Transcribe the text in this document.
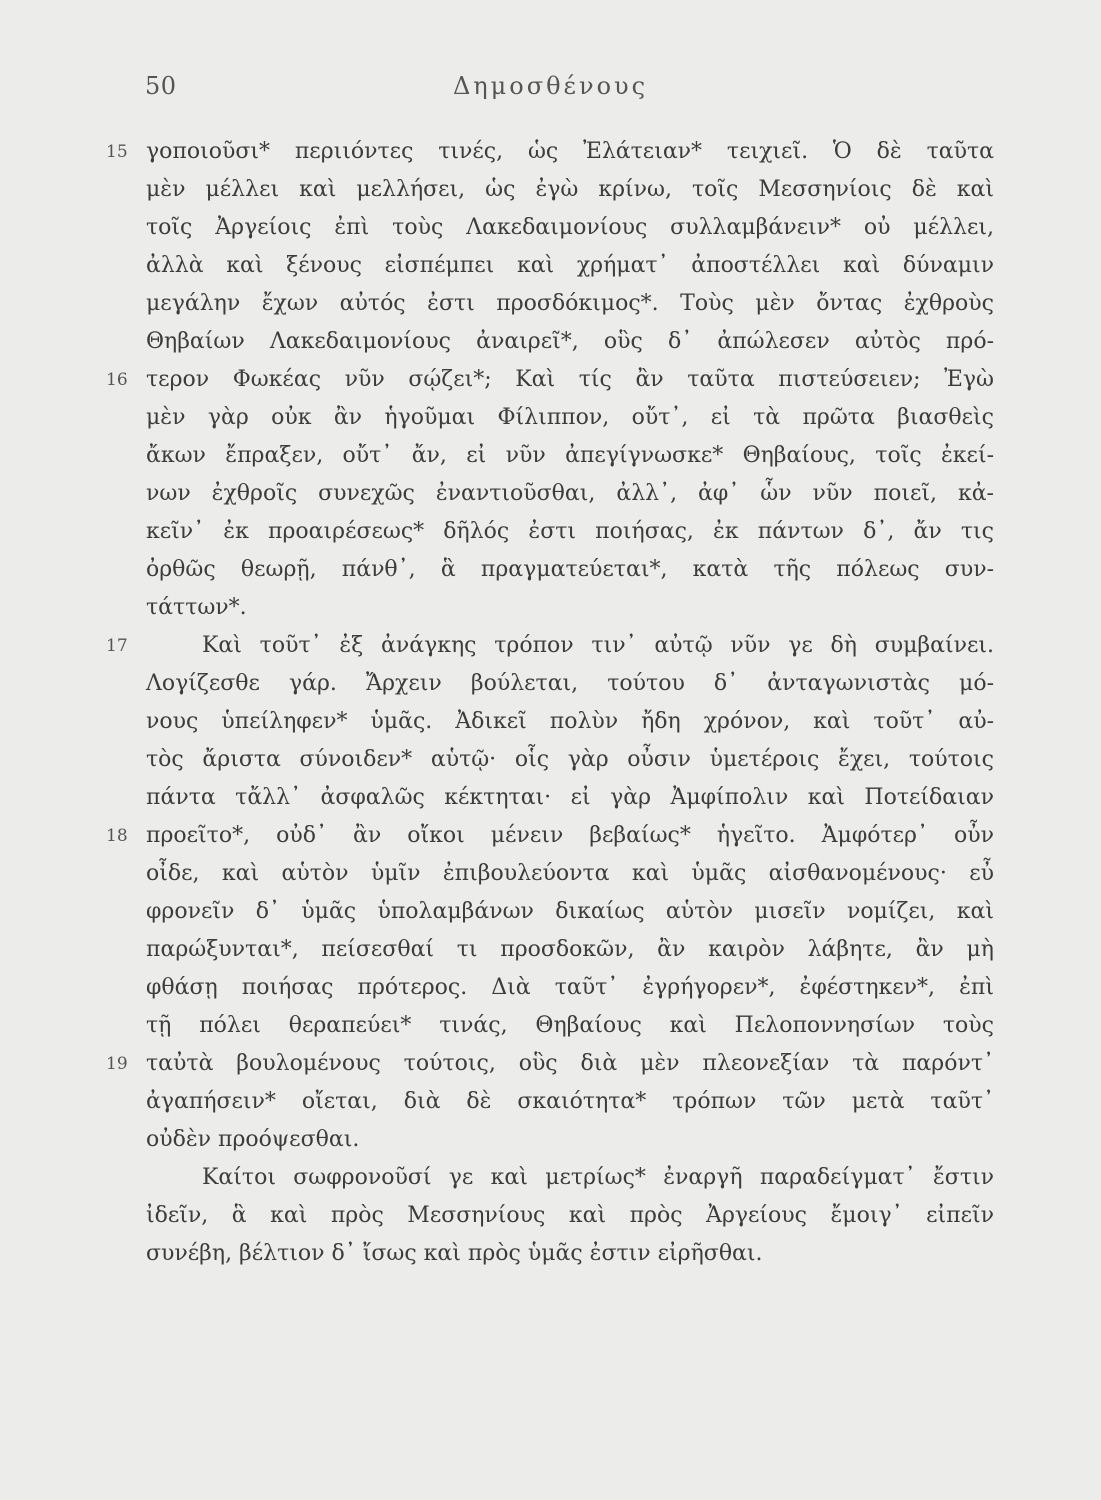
50	Δημοσθένους
15 γοποιοῦσι* περιιόντες τινές, ὡς Ἐλάτειαν* τειχιεῖ. Ὁ δὲ ταῦτα
μὲν μέλλει καὶ μελλήσει, ὡς ἐγὼ κρίνω, τοῖς Μεσσηνίοις δὲ καὶ
τοῖς Ἀργείοις ἐπὶ τοὺς Λακεδαιμονίους συλλαμβάνειν* οὐ μέλλει,
ἀλλὰ καὶ ξένους εἰσπέμπει καὶ χρήματ᾽ ἀποστέλλει καὶ δύναμιν
μεγάλην ἔχων αὐτός ἐστι προσδόκιμος*. Τοὺς μὲν ὄντας ἐχθροὺς
Θηβαίων Λακεδαιμονίους ἀναιρεῖ*, οὓς δ᾽ ἀπώλεσεν αὐτὸς πρό-
16 τερον Φωκέας νῦν σῴζει*; Καὶ τίς ἂν ταῦτα πιστεύσειεν; Ἐγὼ
μὲν γὰρ οὐκ ἂν ἡγοῦμαι Φίλιππον, οὔτ᾽, εἰ τὰ πρῶτα βιασθεὶς
ἄκων ἔπραξεν, οὔτ᾽ ἄν, εἰ νῦν ἀπεγίγνωσκε* Θηβαίους, τοῖς ἐκεί-
νων ἐχθροῖς συνεχῶς ἐναντιοῦσθαι, ἀλλ᾽, ἀφ᾽ ὧν νῦν ποιεῖ, κἀ-
κεῖν᾽ ἐκ προαιρέσεως* δῆλός ἐστι ποιήσας, ἐκ πάντων δ᾽, ἄν τις
ὀρθῶς θεωρῇ, πάνθ᾽, ἃ πραγματεύεται*, κατὰ τῆς πόλεως συν-
τάττων*.
17	Καὶ τοῦτ᾽ ἐξ ἀνάγκης τρόπον τιν᾽ αὐτῷ νῦν γε δὴ συμβαίνει.
Λογίζεσθε γάρ. Ἄρχειν βούλεται, τούτου δ᾽ ἀνταγωνιστὰς μό-
νους ὑπείληφεν* ὑμᾶς. Ἀδικεῖ πολὺν ἤδη χρόνον, καὶ τοῦτ᾽ αὐ-
τὸς ἄριστα σύνοιδεν* αὑτῷ· οἷς γὰρ οὖσιν ὑμετέροις ἔχει, τούτοις
πάντα τἄλλ᾽ ἀσφαλῶς κέκτηται· εἰ γὰρ Ἀμφίπολιν καὶ Ποτείδαιαν
18 προεῖτο*, οὐδ᾽ ἂν οἴκοι μένειν βεβαίως* ἡγεῖτο. Ἀμφότερ᾽ οὖν
οἶδε, καὶ αὑτὸν ὑμῖν ἐπιβουλεύοντα καὶ ὑμᾶς αἰσθανομένους· εὖ
φρονεῖν δ᾽ ὑμᾶς ὑπολαμβάνων δικαίως αὑτὸν μισεῖν νομίζει, καὶ
παρώξυνται*, πείσεσθαί τι προσδοκῶν, ἂν καιρὸν λάβητε, ἂν μὴ
φθάσῃ ποιήσας πρότερος. Διὰ ταῦτ᾽ ἐγρήγορεν*, ἐφέστηκεν*, ἐπὶ
τῇ πόλει θεραπεύει* τινάς, Θηβαίους καὶ Πελοποννησίων τοὺς
19 ταὐτὰ βουλομένους τούτοις, οὓς διὰ μὲν πλεονεξίαν τὰ παρόντ᾽
ἀγαπήσειν* οἴεται, διὰ δὲ σκαιότητα* τρόπων τῶν μετὰ ταῦτ᾽
οὐδὲν προόψεσθαι.
Καίτοι σωφρονοῦσί γε καὶ μετρίως* ἐναργῆ παραδείγματ᾽ ἔστιν
ἰδεῖν, ἃ καὶ πρὸς Μεσσηνίους καὶ πρὸς Ἀργείους ἔμοιγ᾽ εἰπεῖν
συνέβη, βέλτιον δ᾽ ἴσως καὶ πρὸς ὑμᾶς ἐστιν εἰρῆσθαι.
